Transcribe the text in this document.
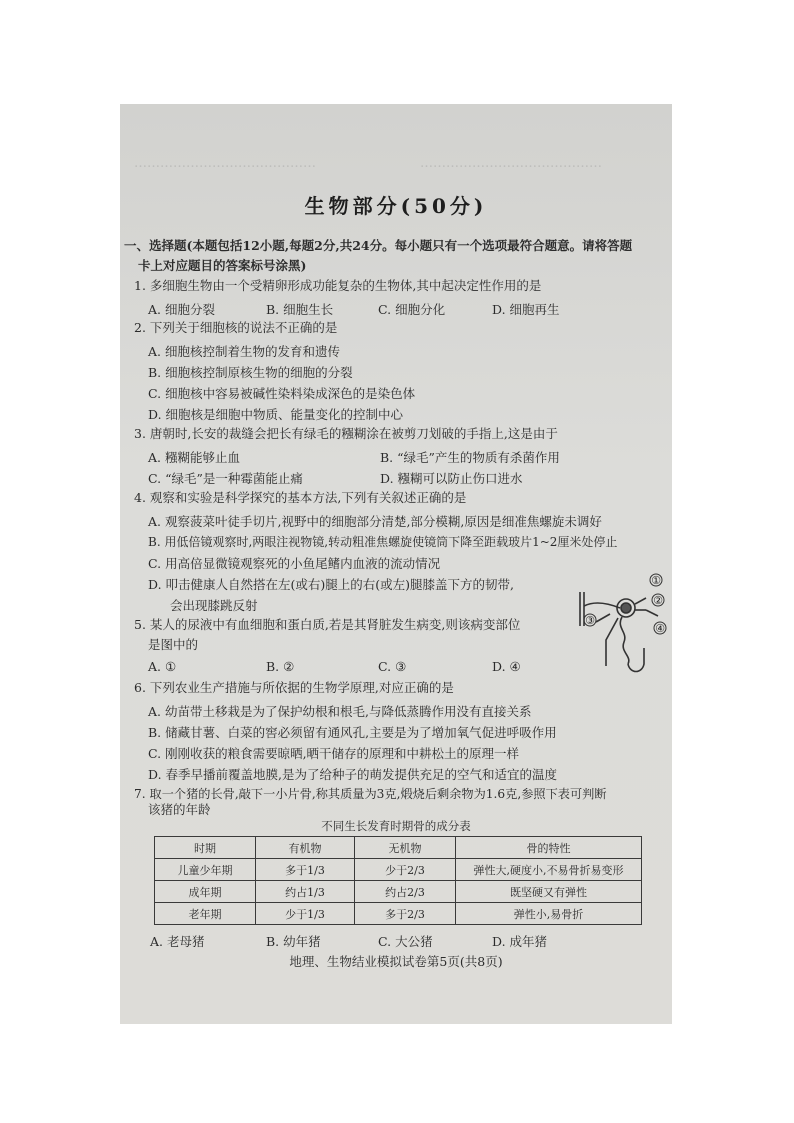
……………………………………	……………………………………
生物部分(50分)
一、选择题(本题包括12小题,每题2分,共24分。每小题只有一个选项最符合题意。请将答题
卡上对应题目的答案标号涂黑)
1. 多细胞生物由一个受精卵形成功能复杂的生物体,其中起决定性作用的是
A. 细胞分裂	B. 细胞生长	C. 细胞分化	D. 细胞再生
2. 下列关于细胞核的说法不正确的是
A. 细胞核控制着生物的发育和遗传
B. 细胞核控制原核生物的细胞的分裂
C. 细胞核中容易被碱性染料染成深色的是染色体
D. 细胞核是细胞中物质、能量变化的控制中心
3. 唐朝时,长安的裁缝会把长有绿毛的糨糊涂在被剪刀划破的手指上,这是由于
A. 糨糊能够止血	B. “绿毛”产生的物质有杀菌作用
C. “绿毛”是一种霉菌能止痛	D. 糨糊可以防止伤口进水
4. 观察和实验是科学探究的基本方法,下列有关叙述正确的是
A. 观察菠菜叶徒手切片,视野中的细胞部分清楚,部分模糊,原因是细准焦螺旋未调好
B. 用低倍镜观察时,两眼注视物镜,转动粗准焦螺旋使镜筒下降至距载玻片1~2厘米处停止
C. 用高倍显微镜观察死的小鱼尾鳍内血液的流动情况
D. 叩击健康人自然搭在左(或右)腿上的右(或左)腿膝盖下方的韧带,
会出现膝跳反射
5. 某人的尿液中有血细胞和蛋白质,若是其肾脏发生病变,则该病变部位
是图中的
A. ①	B. ②	C. ③	D. ④
6. 下列农业生产措施与所依据的生物学原理,对应正确的是
A. 幼苗带土移栽是为了保护幼根和根毛,与降低蒸腾作用没有直接关系
B. 储藏甘薯、白菜的窖必须留有通风孔,主要是为了增加氧气促进呼吸作用
C. 刚刚收获的粮食需要晾晒,晒干储存的原理和中耕松土的原理一样
D. 春季早播前覆盖地膜,是为了给种子的萌发提供充足的空气和适宜的温度
7. 取一个猪的长骨,敲下一小片骨,称其质量为3克,煅烧后剩余物为1.6克,参照下表可判断
该猪的年龄
不同生长发育时期骨的成分表
时期	有机物	无机物	骨的特性
儿童少年期	多于1/3	少于2/3	弹性大,硬度小,不易骨折易变形
成年期	约占1/3	约占2/3	既坚硬又有弹性
老年期	少于1/3	多于2/3	弹性小,易骨折
A. 老母猪	B. 幼年猪	C. 大公猪	D. 成年猪
地理、生物结业模拟试卷第5页(共8页)
①
②
③
④
